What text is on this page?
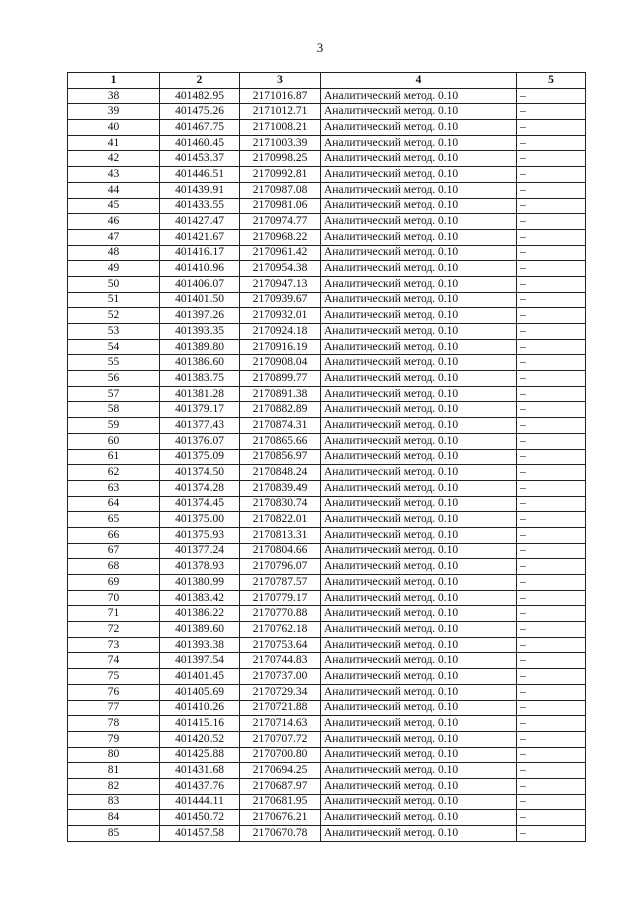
3
1	2	3	4	5
38	401482.95	2171016.87	Аналитический метод. 0.10	–
39	401475.26	2171012.71	Аналитический метод. 0.10	–
40	401467.75	2171008.21	Аналитический метод. 0.10	–
41	401460.45	2171003.39	Аналитический метод. 0.10	–
42	401453.37	2170998.25	Аналитический метод. 0.10	–
43	401446.51	2170992.81	Аналитический метод. 0.10	–
44	401439.91	2170987.08	Аналитический метод. 0.10	–
45	401433.55	2170981.06	Аналитический метод. 0.10	–
46	401427.47	2170974.77	Аналитический метод. 0.10	–
47	401421.67	2170968.22	Аналитический метод. 0.10	–
48	401416.17	2170961.42	Аналитический метод. 0.10	–
49	401410.96	2170954.38	Аналитический метод. 0.10	–
50	401406.07	2170947.13	Аналитический метод. 0.10	–
51	401401.50	2170939.67	Аналитический метод. 0.10	–
52	401397.26	2170932.01	Аналитический метод. 0.10	–
53	401393.35	2170924.18	Аналитический метод. 0.10	–
54	401389.80	2170916.19	Аналитический метод. 0.10	–
55	401386.60	2170908.04	Аналитический метод. 0.10	–
56	401383.75	2170899.77	Аналитический метод. 0.10	–
57	401381.28	2170891.38	Аналитический метод. 0.10	–
58	401379.17	2170882.89	Аналитический метод. 0.10	–
59	401377.43	2170874.31	Аналитический метод. 0.10	–
60	401376.07	2170865.66	Аналитический метод. 0.10	–
61	401375.09	2170856.97	Аналитический метод. 0.10	–
62	401374.50	2170848.24	Аналитический метод. 0.10	–
63	401374.28	2170839.49	Аналитический метод. 0.10	–
64	401374.45	2170830.74	Аналитический метод. 0.10	–
65	401375.00	2170822.01	Аналитический метод. 0.10	–
66	401375.93	2170813.31	Аналитический метод. 0.10	–
67	401377.24	2170804.66	Аналитический метод. 0.10	–
68	401378.93	2170796.07	Аналитический метод. 0.10	–
69	401380.99	2170787.57	Аналитический метод. 0.10	–
70	401383.42	2170779.17	Аналитический метод. 0.10	–
71	401386.22	2170770.88	Аналитический метод. 0.10	–
72	401389.60	2170762.18	Аналитический метод. 0.10	–
73	401393.38	2170753.64	Аналитический метод. 0.10	–
74	401397.54	2170744.83	Аналитический метод. 0.10	–
75	401401.45	2170737.00	Аналитический метод. 0.10	–
76	401405.69	2170729.34	Аналитический метод. 0.10	–
77	401410.26	2170721.88	Аналитический метод. 0.10	–
78	401415.16	2170714.63	Аналитический метод. 0.10	–
79	401420.52	2170707.72	Аналитический метод. 0.10	–
80	401425.88	2170700.80	Аналитический метод. 0.10	–
81	401431.68	2170694.25	Аналитический метод. 0.10	–
82	401437.76	2170687.97	Аналитический метод. 0.10	–
83	401444.11	2170681.95	Аналитический метод. 0.10	–
84	401450.72	2170676.21	Аналитический метод. 0.10	–
85	401457.58	2170670.78	Аналитический метод. 0.10	–
